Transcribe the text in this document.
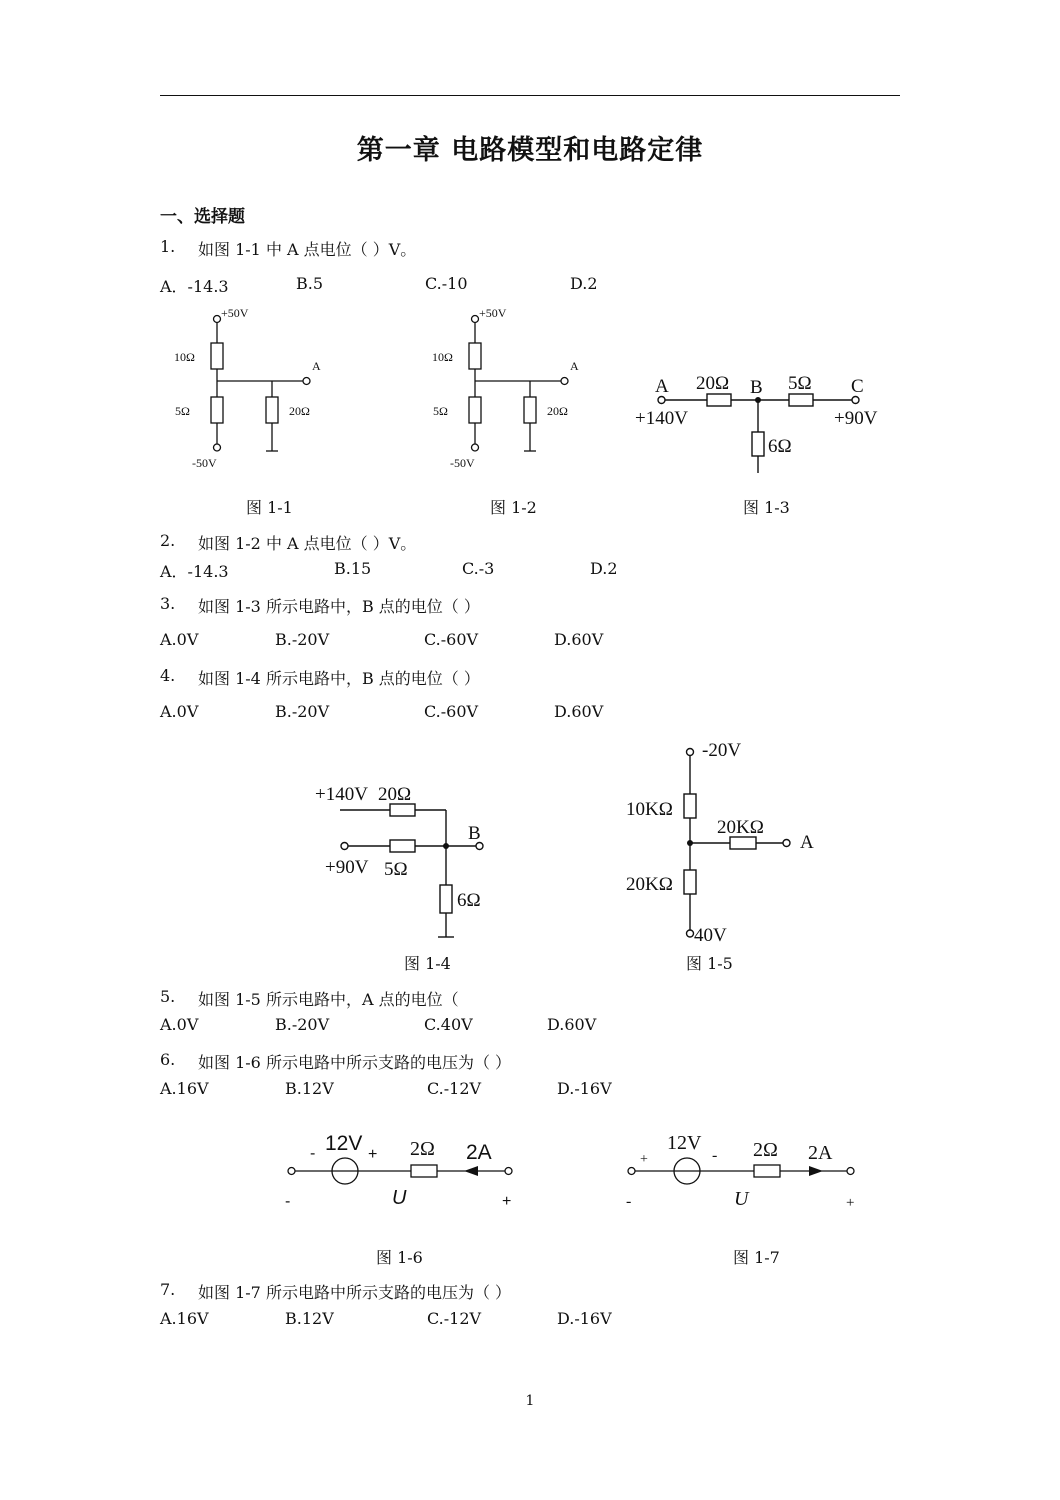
第一章 电路模型和电路定律
一、选择题
1. 如图 1-1 中 A 点电位（ ）V。
A．-14.3	B.5	C.-10	D.2
+50V
10Ω
A
5Ω	20Ω
-50V
+50V
10Ω
A
5Ω	20Ω
-50V
A 20Ω B 5Ω C
+140V	+90V
6Ω
图 1-1	图 1-2	图 1-3
2. 如图 1-2 中 A 点电位（ ）V。
A．-14.3	B.15	C.-3	D.2
3. 如图 1-3 所示电路中，B 点的电位（ ）
A.0V	B.-20V	C.-60V	D.60V
4. 如图 1-4 所示电路中，B 点的电位（ ）
A.0V	B.-20V	C.-60V	D.60V
+140V 20Ω
B
+90V 5Ω
6Ω
-20V
10KΩ
20KΩ
A
20KΩ
40V
图 1-4	图 1-5
5. 如图 1-5 所示电路中，A 点的电位（
A.0V	B.-20V	C.40V	D.60V
6. 如图 1-6 所示电路中所示支路的电压为（ ）
A.16V	B.12V	C.-12V	D.-16V
- 12V + 2Ω 2A
-	U	+
+
12V
- 2Ω 2A
-	U	+
图 1-6	图 1-7
7. 如图 1-7 所示电路中所示支路的电压为（ ）
A.16V	B.12V	C.-12V	D.-16V
1
